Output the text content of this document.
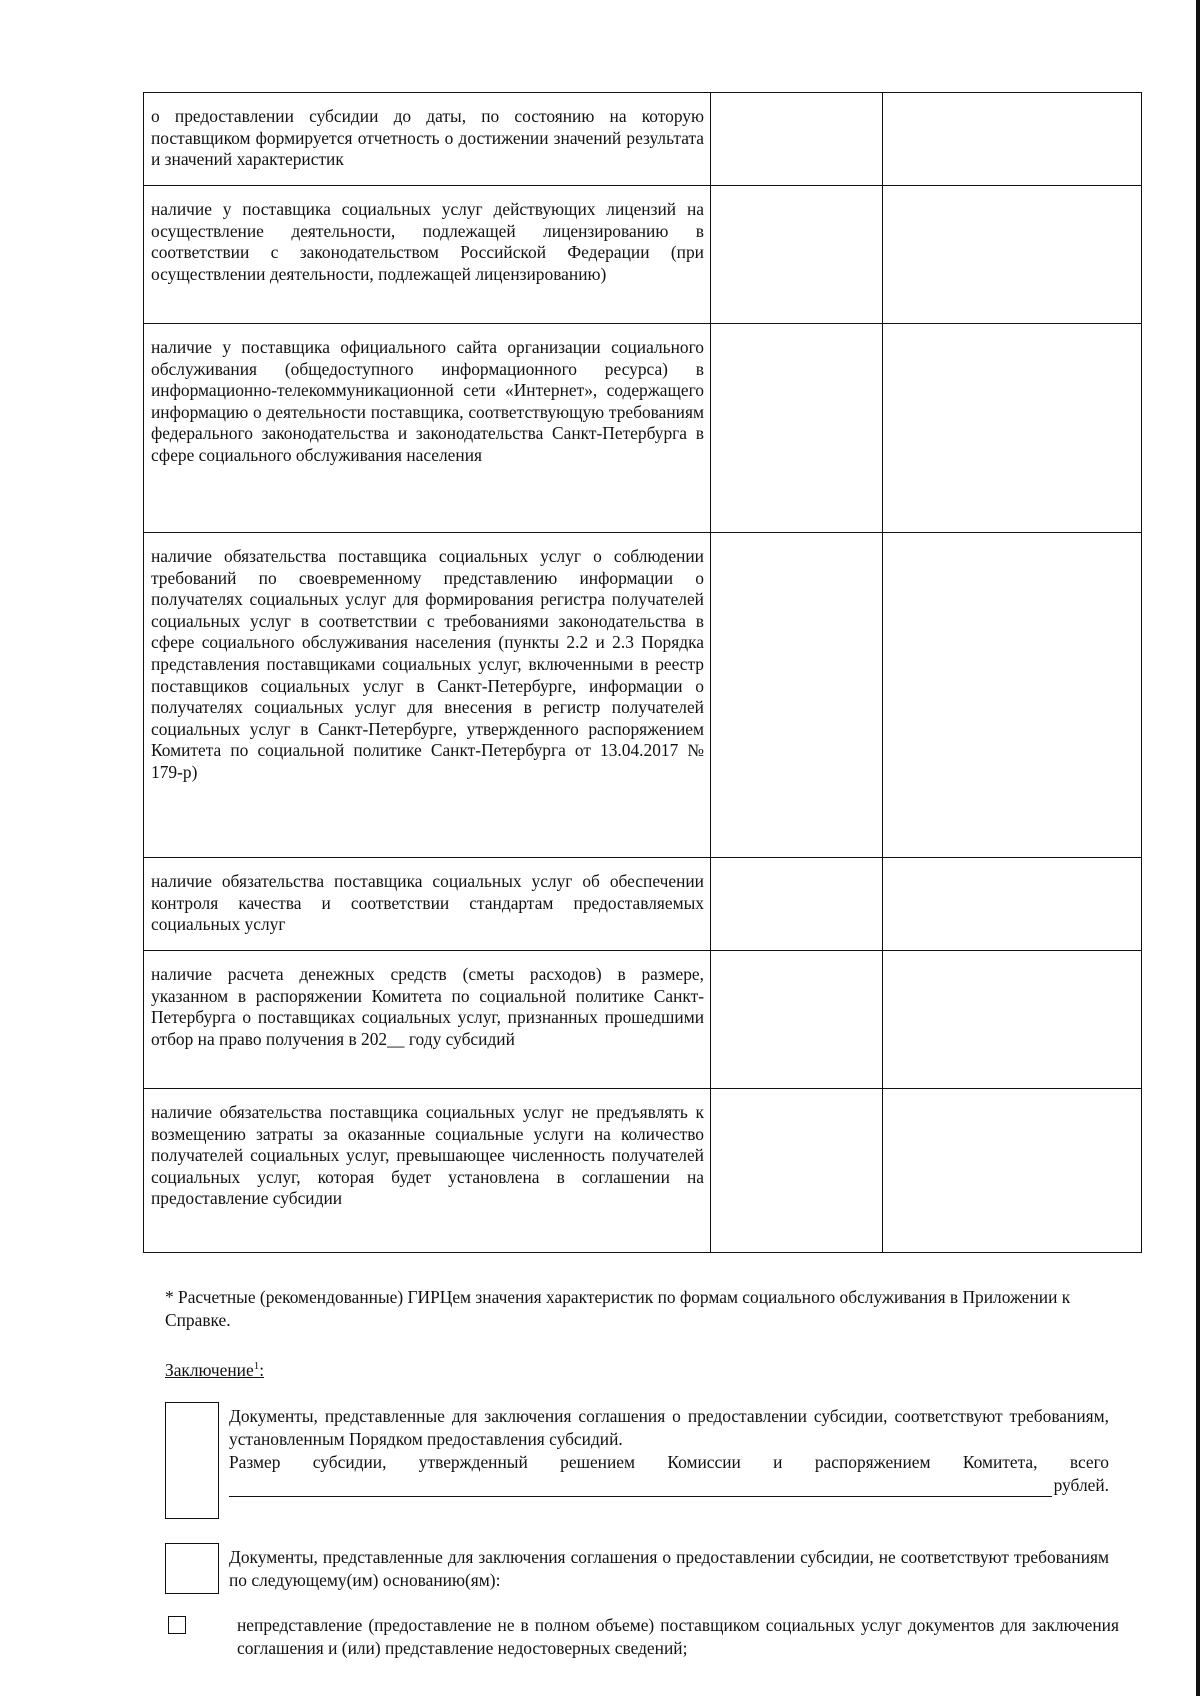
о предоставлении субсидии до даты, по состоянию на которую поставщиком формируется отчетность о достижении значений результата и значений характеристик		
наличие у поставщика социальных услуг действующих лицензий на осуществление деятельности, подлежащей лицензированию в соответствии с законодательством Российской Федерации (при осуществлении деятельности, подлежащей лицензированию)		
наличие у поставщика официального сайта организации социального обслуживания (общедоступного информационного ресурса) в информационно-телекоммуникационной сети «Интернет», содержащего информацию о деятельности поставщика, соответствующую требованиям федерального законодательства и законодательства Санкт-Петербурга в сфере социального обслуживания населения		
наличие обязательства поставщика социальных услуг о соблюдении требований по своевременному представлению информации о получателях социальных услуг для формирования регистра получателей социальных услуг в соответствии с требованиями законодательства в сфере социального обслуживания населения (пункты 2.2 и 2.3 Порядка представления поставщиками социальных услуг, включенными в реестр поставщиков социальных услуг в Санкт-Петербурге, информации о получателях социальных услуг для внесения в регистр получателей социальных услуг в Санкт-Петербурге, утвержденного распоряжением Комитета по социальной политике Санкт-Петербурга от 13.04.2017 № 179-р)		
наличие обязательства поставщика социальных услуг об обеспечении контроля качества и соответствии стандартам предоставляемых социальных услуг		
наличие расчета денежных средств (сметы расходов) в размере, указанном в распоряжении Комитета по социальной политике Санкт-Петербурга о поставщиках социальных услуг, признанных прошедшими отбор на право получения в 202__ году субсидий		
наличие обязательства поставщика социальных услуг не предъявлять к возмещению затраты за оказанные социальные услуги на количество получателей социальных услуг, превышающее численность получателей социальных услуг, которая будет установлена в соглашении на предоставление субсидии		
* Расчетные (рекомендованные) ГИРЦем значения характеристик по формам социального обслуживания в Приложении к Справке.
Заключение$^1$:

Документы, представленные для заключения соглашения о предоставлении субсидии, соответствуют требованиям, установленным Порядком предоставления субсидий.

Размер субсидии, утвержденный решением Комиссии и распоряжением Комитета, всего

рублей.

Документы, представленные для заключения соглашения о предоставлении субсидии, не соответствуют требованиям по следующему(им) основанию(ям):

непредставление (предоставление не в полном объеме) поставщиком социальных услуг документов для заключения соглашения и (или) представление недостоверных сведений;
